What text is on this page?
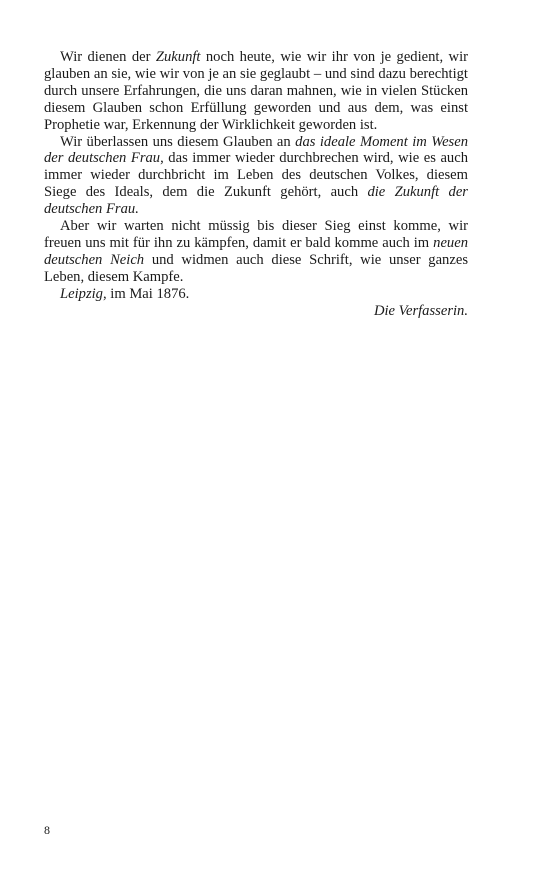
Wir dienen der Zukunft noch heute, wie wir ihr von je gedient, wir glauben an sie, wie wir von je an sie geglaubt – und sind dazu berechtigt durch unsere Erfahrungen, die uns daran mahnen, wie in vielen Stücken diesem Glauben schon Erfüllung geworden und aus dem, was einst Prophetie war, Erkennung der Wirklichkeit geworden ist.

Wir überlassen uns diesem Glauben an das ideale Moment im Wesen der deutschen Frau, das immer wieder durchbrechen wird, wie es auch immer wieder durchbricht im Leben des deutschen Volkes, diesem Siege des Ideals, dem die Zukunft gehört, auch die Zukunft der deutschen Frau.

Aber wir warten nicht müssig bis dieser Sieg einst komme, wir freuen uns mit für ihn zu kämpfen, damit er bald komme auch im neuen deutschen Neich und widmen auch diese Schrift, wie unser ganzes Leben, diesem Kampfe.

Leipzig, im Mai 1876.

Die Verfasserin.

8
